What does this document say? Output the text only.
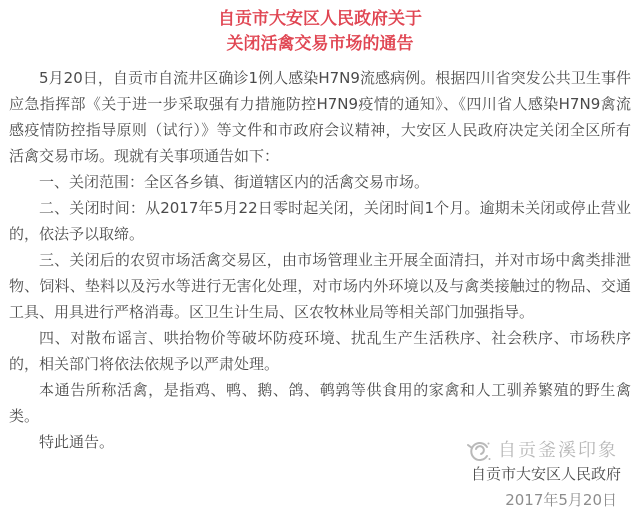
自贡市大安区人民政府关于
关闭活禽交易市场的通告

5月20日，自贡市自流井区确诊1例人感染H7N9流感病例。根据四川省突发公共卫生事件应急指挥部《关于进一步采取强有力措施防控H7N9疫情的通知》、《四川省人感染H7N9禽流感疫情防控指导原则（试行）》等文件和市政府会议精神，大安区人民政府决定关闭全区所有活禽交易市场。现就有关事项通告如下：

一、关闭范围：全区各乡镇、街道辖区内的活禽交易市场。

二、关闭时间：从2017年5月22日零时起关闭，关闭时间1个月。逾期未关闭或停止营业的，依法予以取缔。

三、关闭后的农贸市场活禽交易区，由市场管理业主开展全面清扫，并对市场中禽类排泄物、饲料、垫料以及污水等进行无害化处理，对市场内外环境以及与禽类接触过的物品、交通工具、用具进行严格消毒。区卫生计生局、区农牧林业局等相关部门加强指导。

四、对散布谣言、哄抬物价等破坏防疫环境、扰乱生产生活秩序、社会秩序、市场秩序的，相关部门将依法依规予以严肃处理。

本通告所称活禽，是指鸡、鸭、鹅、鸽、鹌鹑等供食用的家禽和人工驯养繁殖的野生禽类。

特此通告。

自贡市大安区人民政府
2017年5月20日
自贡釜溪印象
